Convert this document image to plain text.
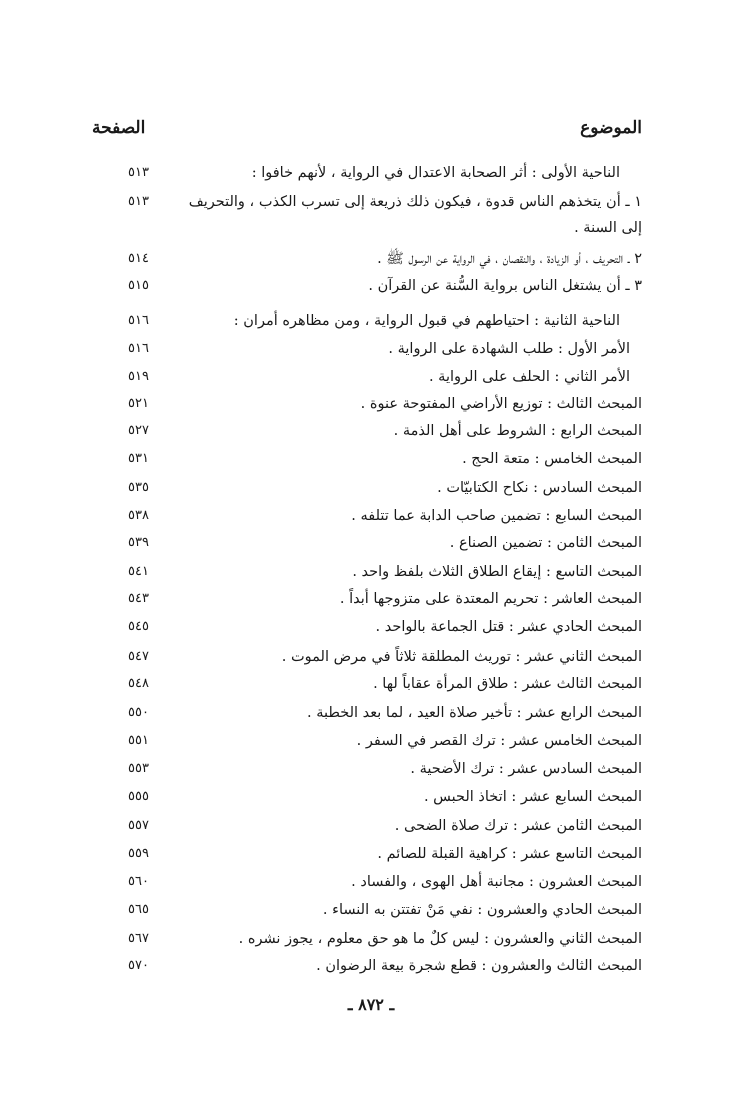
الموضوع
الصفحة
الناحية الأولى : أثر الصحابة الاعتدال في الرواية ، لأنهم خافوا :
٥١٣
١ ـ أن يتخذهم الناس قدوة ، فيكون ذلك ذريعة إلى تسرب الكذب ، والتحريف
٥١٣
إلى السنة .
٢ ـ التحريف ، أو الزيادة ، والنقصان ، في الرواية عن الرسول ﷺ .
٥١٤
٣ ـ أن يشتغل الناس برواية السُّنة عن القرآن .
٥١٥
الناحية الثانية : احتياطهم في قبول الرواية ، ومن مظاهره أمران :
٥١٦
الأمر الأول : طلب الشهادة على الرواية .
٥١٦
الأمر الثاني : الحلف على الرواية .
٥١٩
المبحث الثالث : توزيع الأراضي المفتوحة عنوة .
٥٢١
المبحث الرابع : الشروط على أهل الذمة .
٥٢٧
المبحث الخامس : متعة الحج .
٥٣١
المبحث السادس : نكاح الكتابيّات .
٥٣٥
المبحث السابع : تضمين صاحب الدابة عما تتلفه .
٥٣٨
المبحث الثامن : تضمين الصناع .
٥٣٩
المبحث التاسع : إيقاع الطلاق الثلاث بلفظ واحد .
٥٤١
المبحث العاشر : تحريم المعتدة على متزوجها أبداً .
٥٤٣
المبحث الحادي عشر : قتل الجماعة بالواحد .
٥٤٥
المبحث الثاني عشر : توريث المطلقة ثلاثاً في مرض الموت .
٥٤٧
المبحث الثالث عشر : طلاق المرأة عقاباً لها .
٥٤٨
المبحث الرابع عشر : تأخير صلاة العيد ، لما بعد الخطبة .
٥٥٠
المبحث الخامس عشر : ترك القصر في السفر .
٥٥١
المبحث السادس عشر : ترك الأضحية .
٥٥٣
المبحث السابع عشر : اتخاذ الحبس .
٥٥٥
المبحث الثامن عشر : ترك صلاة الضحى .
٥٥٧
المبحث التاسع عشر : كراهية القبلة للصائم .
٥٥٩
المبحث العشرون : مجانبة أهل الهوى ، والفساد .
٥٦٠
المبحث الحادي والعشرون : نفي مَنْ تفتتن به النساء .
٥٦٥
المبحث الثاني والعشرون : ليس كلٌ ما هو حق معلوم ، يجوز نشره .
٥٦٧
المبحث الثالث والعشرون : قطع شجرة بيعة الرضوان .
٥٧٠
ـ ٨٧٢ ـ
